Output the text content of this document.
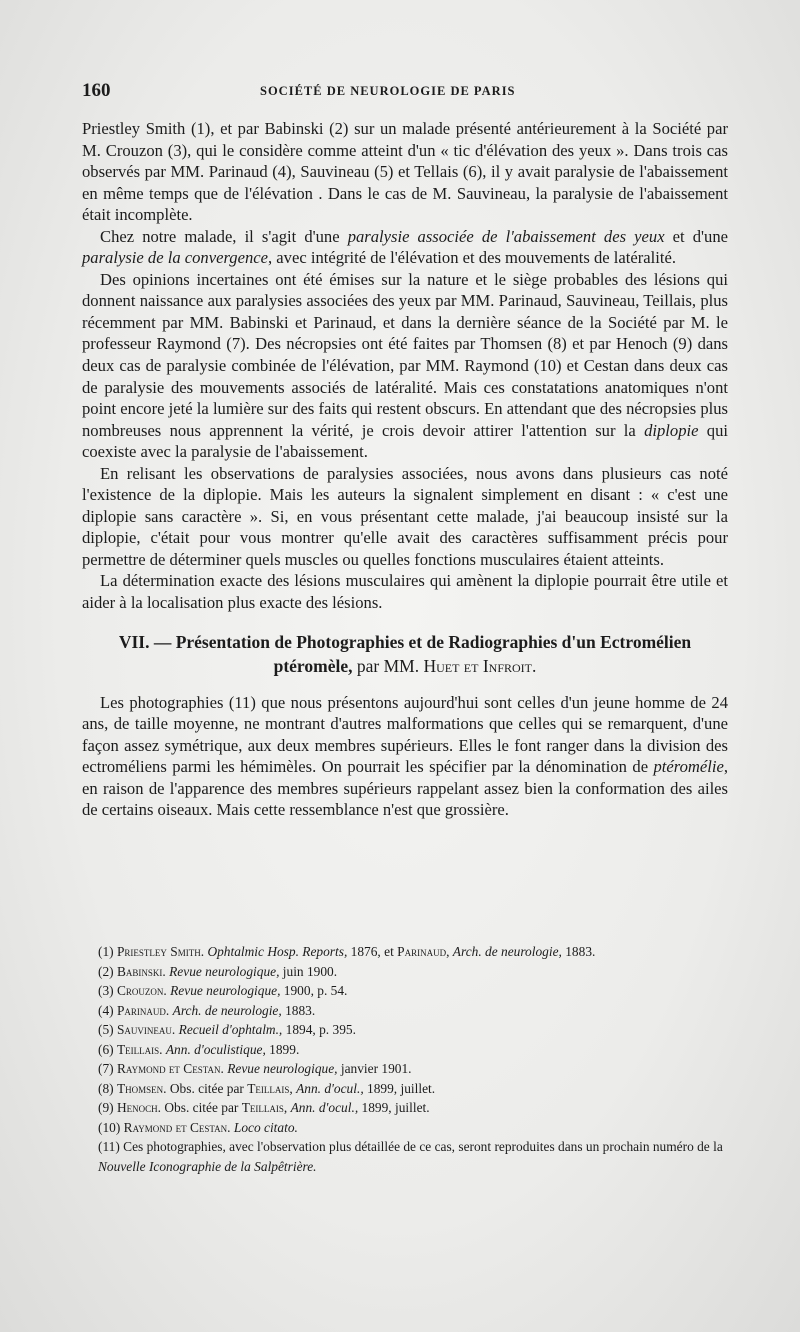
160	SOCIÉTÉ DE NEUROLOGIE DE PARIS

Priestley Smith (1), et par Babinski (2) sur un malade présenté antérieurement à la Société par M. Crouzon (3), qui le considère comme atteint d'un « tic d'élévation des yeux ». Dans trois cas observés par MM. Parinaud (4), Sauvineau (5) et Tellais (6), il y avait paralysie de l'abaissement en même temps que de l'élévation . Dans le cas de M. Sauvineau, la paralysie de l'abaissement était incomplète.

Chez notre malade, il s'agit d'une paralysie associée de l'abaissement des yeux et d'une paralysie de la convergence, avec intégrité de l'élévation et des mouvements de latéralité.

Des opinions incertaines ont été émises sur la nature et le siège probables des lésions qui donnent naissance aux paralysies associées des yeux par MM. Parinaud, Sauvineau, Teillais, plus récemment par MM. Babinski et Parinaud, et dans la dernière séance de la Société par M. le professeur Raymond (7). Des nécropsies ont été faites par Thomsen (8) et par Henoch (9) dans deux cas de paralysie combinée de l'élévation, par MM. Raymond (10) et Cestan dans deux cas de paralysie des mouvements associés de latéralité. Mais ces constatations anatomiques n'ont point encore jeté la lumière sur des faits qui restent obscurs. En attendant que des nécropsies plus nombreuses nous apprennent la vérité, je crois devoir attirer l'attention sur la diplopie qui coexiste avec la paralysie de l'abaissement.

En relisant les observations de paralysies associées, nous avons dans plusieurs cas noté l'existence de la diplopie. Mais les auteurs la signalent simplement en disant : « c'est une diplopie sans caractère ». Si, en vous présentant cette malade, j'ai beaucoup insisté sur la diplopie, c'était pour vous montrer qu'elle avait des caractères suffisamment précis pour permettre de déterminer quels muscles ou quelles fonctions musculaires étaient atteints.

La détermination exacte des lésions musculaires qui amènent la diplopie pourrait être utile et aider à la localisation plus exacte des lésions.

VII. — Présentation de Photographies et de Radiographies d'un Ectromélien ptéromèle, par MM. Huet et Infroit.

Les photographies (11) que nous présentons aujourd'hui sont celles d'un jeune homme de 24 ans, de taille moyenne, ne montrant d'autres malformations que celles qui se remarquent, d'une façon assez symétrique, aux deux membres supérieurs. Elles le font ranger dans la division des ectroméliens parmi les hémimèles. On pourrait les spécifier par la dénomination de ptéromélie, en raison de l'apparence des membres supérieurs rappelant assez bien la conformation des ailes de certains oiseaux. Mais cette ressemblance n'est que grossière.

(1) Priestley Smith. Ophtalmic Hosp. Reports, 1876, et Parinaud, Arch. de neurologie, 1883.

(2) Babinski. Revue neurologique, juin 1900.

(3) Crouzon. Revue neurologique, 1900, p. 54.

(4) Parinaud. Arch. de neurologie, 1883.

(5) Sauvineau. Recueil d'ophtalm., 1894, p. 395.

(6) Teillais. Ann. d'oculistique, 1899.

(7) Raymond et Cestan. Revue neurologique, janvier 1901.

(8) Thomsen. Obs. citée par Teillais, Ann. d'ocul., 1899, juillet.

(9) Henoch. Obs. citée par Teillais, Ann. d'ocul., 1899, juillet.

(10) Raymond et Cestan. Loco citato.

(11) Ces photographies, avec l'observation plus détaillée de ce cas, seront reproduites dans un prochain numéro de la Nouvelle Iconographie de la Salpêtrière.
